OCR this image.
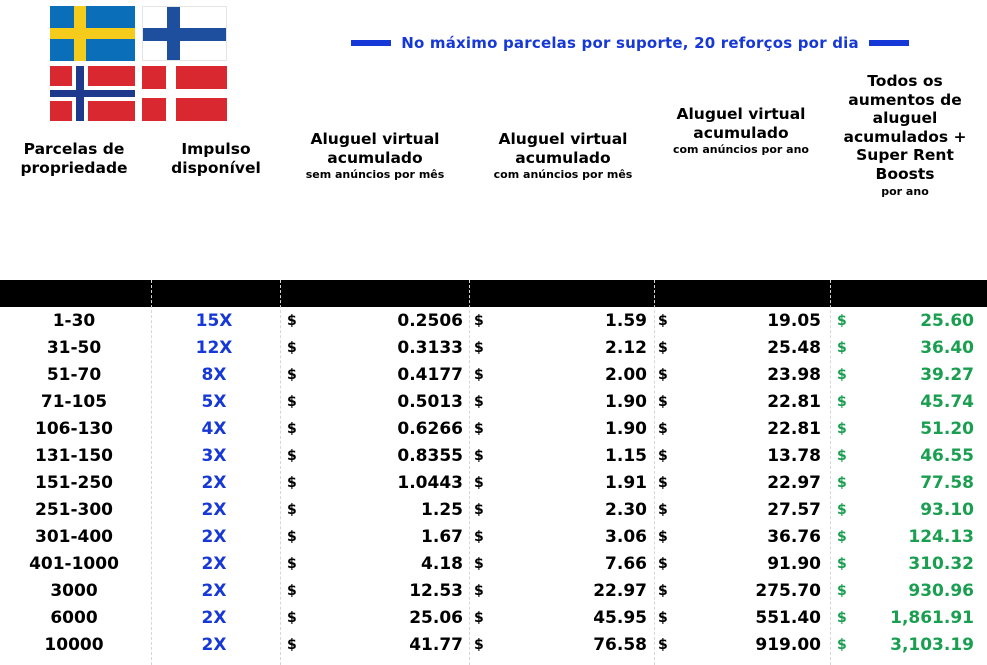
No máximo parcelas por suporte, 20 reforços por dia
Parcelas de propriedade
Impulso disponível
Aluguel virtual acumulado
sem anúncios por mês
Aluguel virtual acumulado
com anúncios por mês
Aluguel virtual acumulado
com anúncios por ano
Todos os aumentos de aluguel acumulados + Super Rent Boosts
por ano
1-30	15X	$	0.2506 $	1.59 $	19.05 $	25.60
31-50	12X	$	0.3133 $	2.12 $	25.48 $	36.40
51-70	8X	$	0.4177 $	2.00 $	23.98 $	39.27
71-105	5X	$	0.5013 $	1.90 $	22.81 $	45.74
106-130	4X	$	0.6266 $	1.90 $	22.81 $	51.20
131-150	3X	$	0.8355 $	1.15 $	13.78 $	46.55
151-250	2X	$	1.0443 $	1.91 $	22.97 $	77.58
251-300	2X	$	1.25 $	2.30 $	27.57 $	93.10
301-400	2X	$	1.67 $	3.06 $	36.76 $	124.13
401-1000	2X	$	4.18 $	7.66 $	91.90 $	310.32
3000	2X	$	12.53 $	22.97 $	275.70 $	930.96
6000	2X	$	25.06 $	45.95 $	551.40 $	1,861.91
10000	2X	$	41.77 $	76.58 $	919.00 $	3,103.19
